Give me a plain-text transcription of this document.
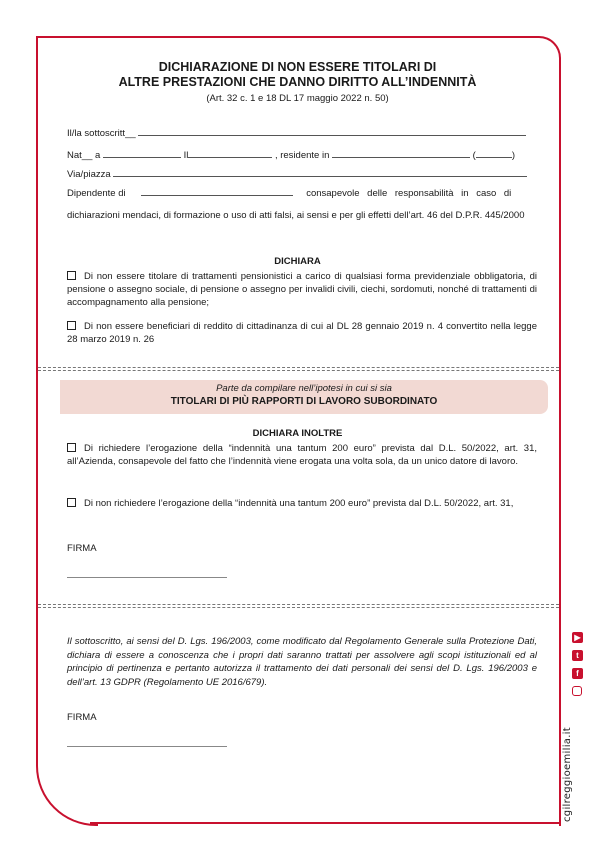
DICHIARAZIONE DI NON ESSERE TITOLARI DI
ALTRE PRESTAZIONI CHE DANNO DIRITTO ALL’INDENNITÀ
(Art. 32 c. 1 e 18 DL 17 maggio 2022 n. 50)
Il/la sottoscritt__
Nat__ a	Il	, residente in	(	)
Via/piazza
Dipendente di	consapevole delle responsabilità in caso di
dichiarazioni mendaci, di formazione o uso di atti falsi, ai sensi e per gli effetti dell’art. 46 del D.P.R. 445/2000
DICHIARA
Di non essere titolare di trattamenti pensionistici a carico di qualsiasi forma previdenziale obbligatoria, di pensione o assegno sociale, di pensione o assegno per invalidi civili, ciechi, sordomuti, nonché di trattamenti di accompagnamento alla pensione;
Di non essere beneficiari di reddito di cittadinanza di cui al DL 28 gennaio 2019 n. 4 convertito nella legge 28 marzo 2019 n. 26
Parte da compilare nell’ipotesi in cui si sia
TITOLARI DI PIÙ RAPPORTI DI LAVORO SUBORDINATO
DICHIARA INOLTRE
Di richiedere l’erogazione della “indennità una tantum 200 euro” prevista dal D.L. 50/2022, art. 31, all’Azienda, consapevole del fatto che l’indennità viene erogata una volta sola, da un unico datore di lavoro.
Di non richiedere l’erogazione della “indennità una tantum 200 euro” prevista dal D.L. 50/2022, art. 31,
FIRMA
Il sottoscritto, ai sensi del D. Lgs. 196/2003, come modificato dal Regolamento Generale sulla Protezione Dati, dichiara di essere a conoscenza che i propri dati saranno trattati per assolvere agli scopi istituzionali ed al principio di pertinenza e pertanto autorizza il trattamento dei dati personali dei sensi del D. Lgs. 196/2003 e dell’art. 13 GDPR (Regolamento UE 2016/679).
FIRMA
▶
t
f
cgilreggioemilia.it
